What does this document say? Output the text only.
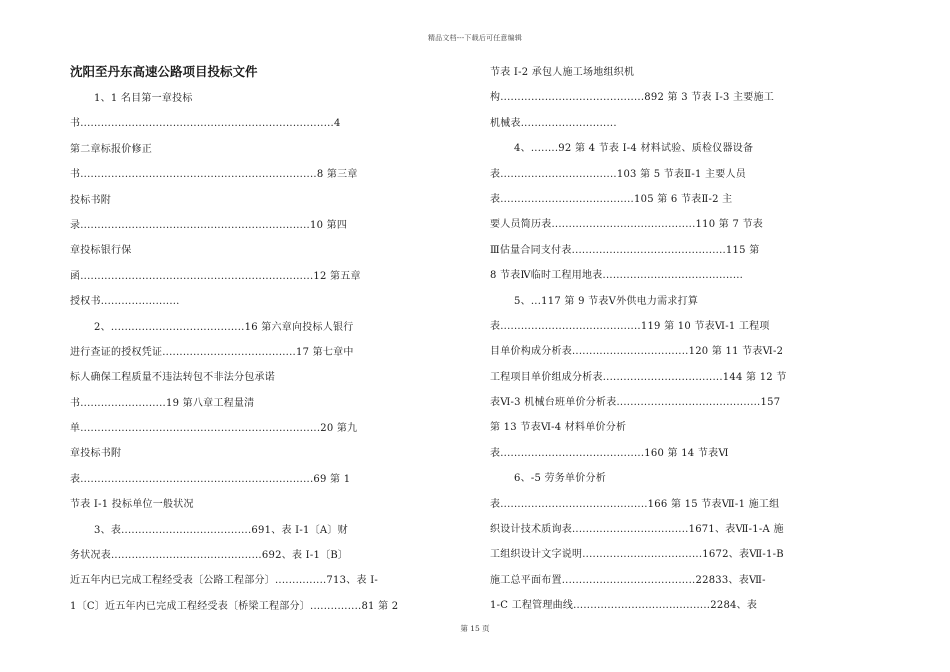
精品文档---下载后可任意编辑
沈阳至丹东高速公路项目投标文件
1、1 名目第一章投标
书..........................................................................4
第二章标报价修正
书.....................................................................8 第三章
投标书附
录...................................................................10 第四
章投标银行保
函....................................................................12 第五章
授权书.......................
2、.......................................16 第六章向投标人银行
进行查证的授权凭证.......................................17 第七章中
标人确保工程质量不违法转包不非法分包承诺
书.........................19 第八章工程量清
单......................................................................20 第九
章投标书附
表....................................................................69 第 1
节表 I-1 投标单位一般状况
3、表......................................691、表 I-1〔A〕财
务状况表............................................692、表 I-1〔B〕
近五年内已完成工程经受表〔公路工程部分〕...............713、表 I-
1〔C〕近五年内已完成工程经受表〔桥梁工程部分〕...............81 第 2
节表 I-2 承包人施工场地组织机
构..........................................892 第 3 节表 I-3 主要施工
机械表............................
4、........92 第 4 节表 I-4 材料试验、质检仪器设备
表..................................103 第 5 节表Ⅱ-1 主要人员
表.......................................105 第 6 节表Ⅱ-2 主
要人员简历表..........................................110 第 7 节表
Ⅲ估量合同支付表.............................................115 第
8 节表Ⅳ临时工程用地表.........................................
5、...117 第 9 节表Ⅴ外供电力需求打算
表.........................................119 第 10 节表Ⅵ-1 工程项
目单价构成分析表..................................120 第 11 节表Ⅵ-2
工程项目单价组成分析表...................................144 第 12 节
表Ⅵ-3 机械台班单价分析表..........................................157
第 13 节表Ⅵ-4 材料单价分析
表..........................................160 第 14 节表Ⅵ
6、-5 劳务单价分析
表...........................................166 第 15 节表Ⅶ-1 施工组
织设计技术质询表..................................1671、表Ⅶ-1-A 施
工组织设计文字说明...................................1672、表Ⅶ-1-B
施工总平面布置.......................................22833、表Ⅶ-
1-C 工程管理曲线........................................2284、表
第 15 页
